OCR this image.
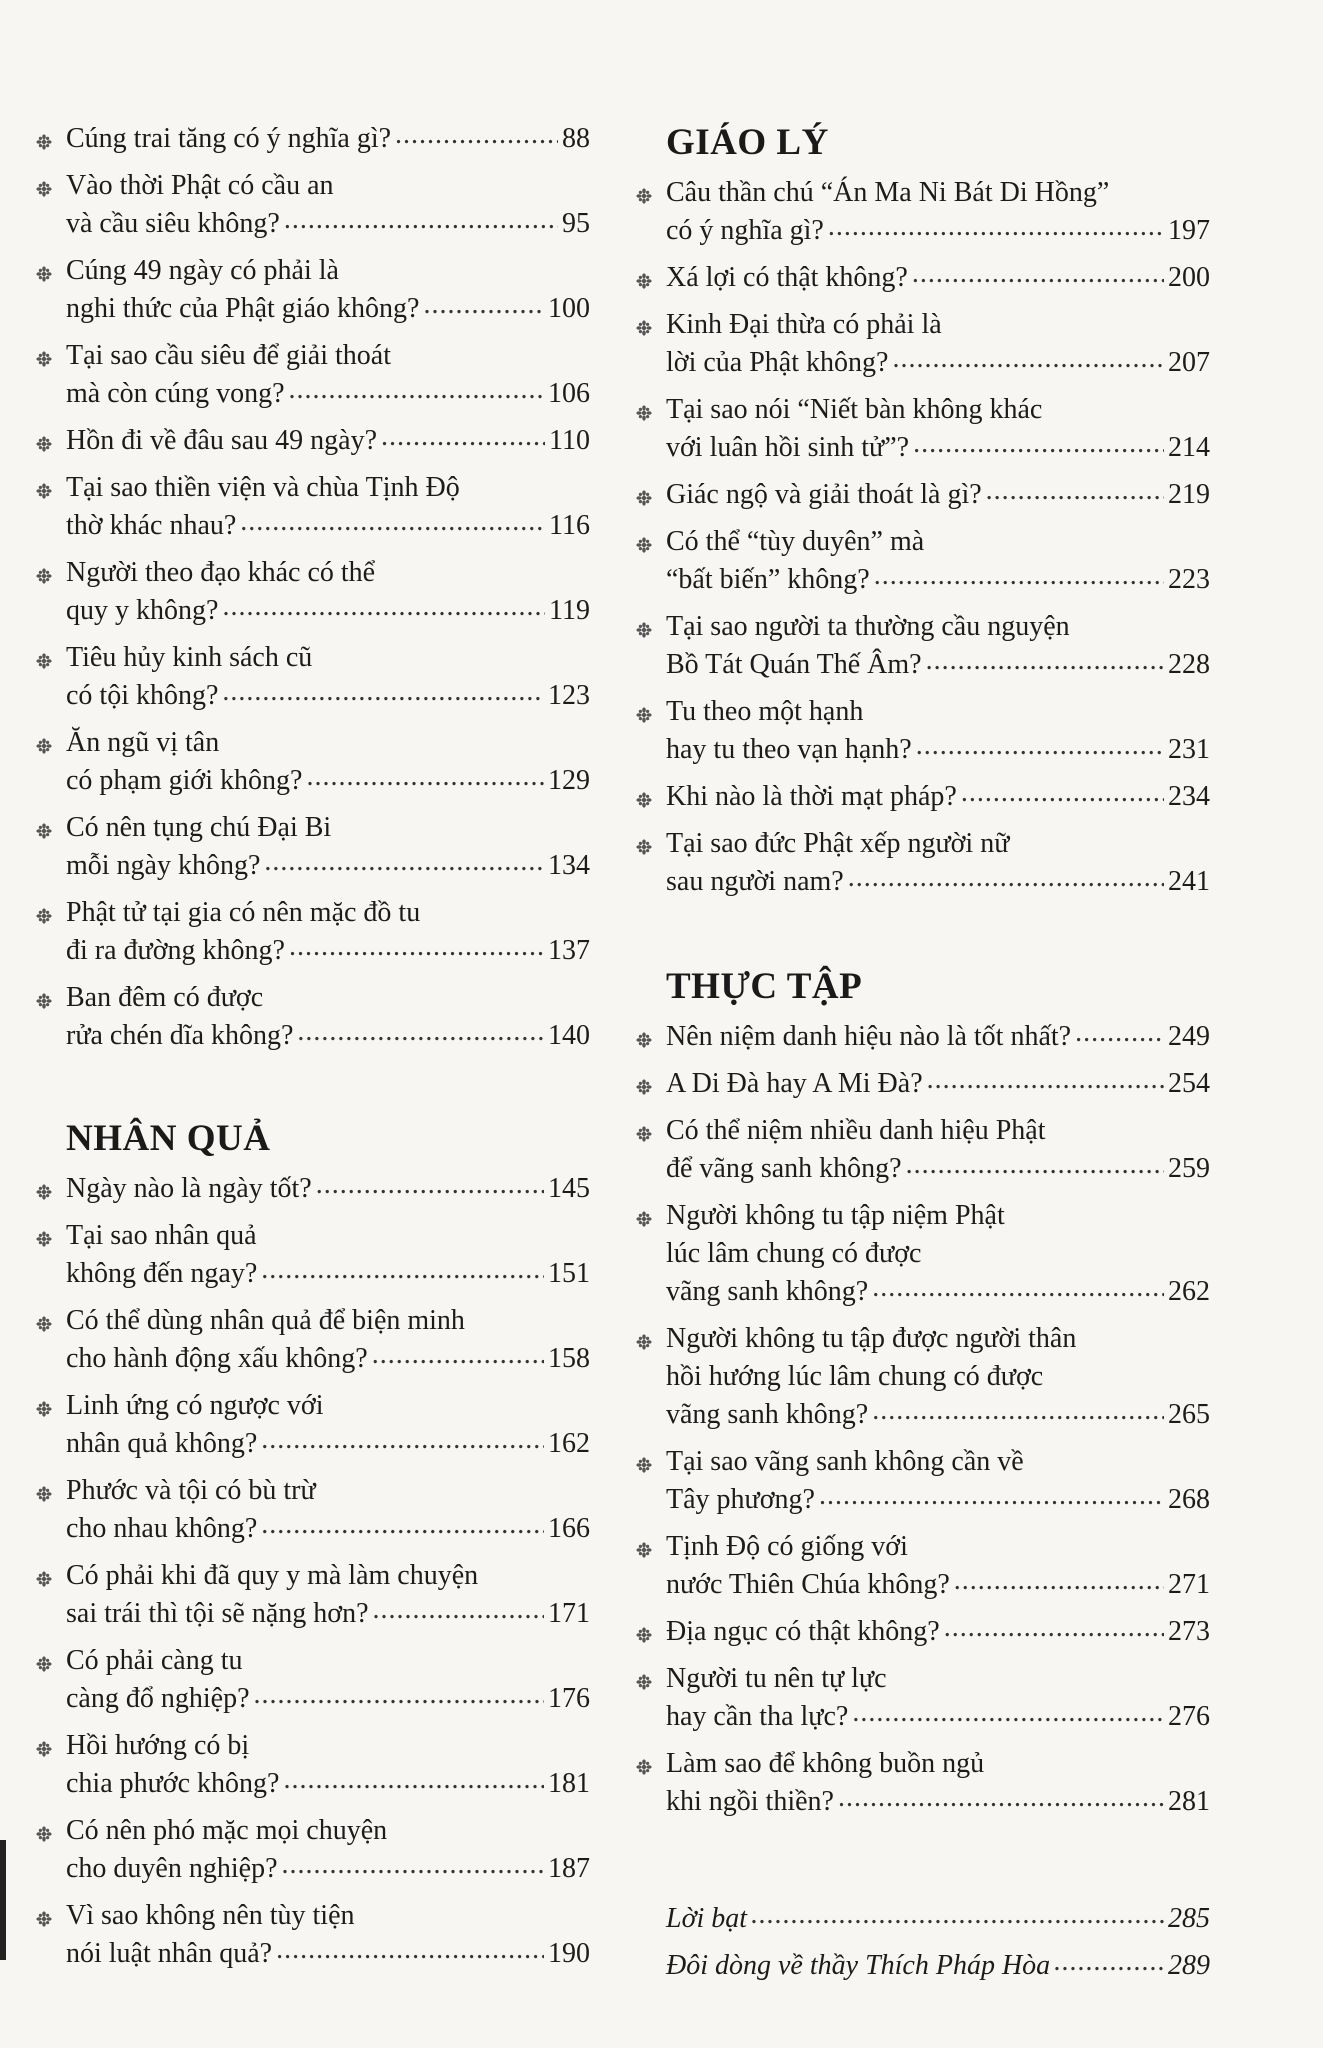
Cúng trai tăng có ý nghĩa gì? . . .	88
Vào thời Phật có cầu an
và cầu siêu không? . . .	95
Cúng 49 ngày có phải là
nghi thức của Phật giáo không? . . .	100
Tại sao cầu siêu để giải thoát
mà còn cúng vong? . . .	106
Hồn đi về đâu sau 49 ngày? . . .	110
Tại sao thiền viện và chùa Tịnh Độ
thờ khác nhau? . . .	116
Người theo đạo khác có thể
quy y không? . . .	119
Tiêu hủy kinh sách cũ
có tội không? . . .	123
Ăn ngũ vị tân
có phạm giới không? . . .	129
Có nên tụng chú Đại Bi
mỗi ngày không? . . .	134
Phật tử tại gia có nên mặc đồ tu
đi ra đường không? . . .	137
Ban đêm có được
rửa chén dĩa không? . . .	140
NHÂN QUẢ
Ngày nào là ngày tốt? . . .	145
Tại sao nhân quả
không đến ngay? . . .	151
Có thể dùng nhân quả để biện minh
cho hành động xấu không? . . .	158
Linh ứng có ngược với
nhân quả không? . . .	162
Phước và tội có bù trừ
cho nhau không? . . .	166
Có phải khi đã quy y mà làm chuyện
sai trái thì tội sẽ nặng hơn? . . .	171
Có phải càng tu
càng đổ nghiệp? . . .	176
Hồi hướng có bị
chia phước không? . . .	181
Có nên phó mặc mọi chuyện
cho duyên nghiệp? . . .	187
Vì sao không nên tùy tiện
nói luật nhân quả? . . .	190
GIÁO LÝ
Câu thần chú “Án Ma Ni Bát Di Hồng”
có ý nghĩa gì? . . .	197
Xá lợi có thật không? . . .	200
Kinh Đại thừa có phải là
lời của Phật không? . . .	207
Tại sao nói “Niết bàn không khác
với luân hồi sinh tử”? . . .	214
Giác ngộ và giải thoát là gì? . . .	219
Có thể “tùy duyên” mà
“bất biến” không? . . .	223
Tại sao người ta thường cầu nguyện
Bồ Tát Quán Thế Âm? . . .	228
Tu theo một hạnh
hay tu theo vạn hạnh? . . .	231
Khi nào là thời mạt pháp? . . .	234
Tại sao đức Phật xếp người nữ
sau người nam? . . .	241
THỰC TẬP
Nên niệm danh hiệu nào là tốt nhất? . . .	249
A Di Đà hay A Mi Đà? . . .	254
Có thể niệm nhiều danh hiệu Phật
để vãng sanh không? . . .	259
Người không tu tập niệm Phật
lúc lâm chung có được
vãng sanh không? . . .	262
Người không tu tập được người thân
hồi hướng lúc lâm chung có được
vãng sanh không? . . .	265
Tại sao vãng sanh không cần về
Tây phương? . . .	268
Tịnh Độ có giống với
nước Thiên Chúa không? . . .	271
Địa ngục có thật không? . . .	273
Người tu nên tự lực
hay cần tha lực? . . .	276
Làm sao để không buồn ngủ
khi ngồi thiền? . . .	281
Lời bạt . . .	285
Đôi dòng về thầy Thích Pháp Hòa . . .	289
